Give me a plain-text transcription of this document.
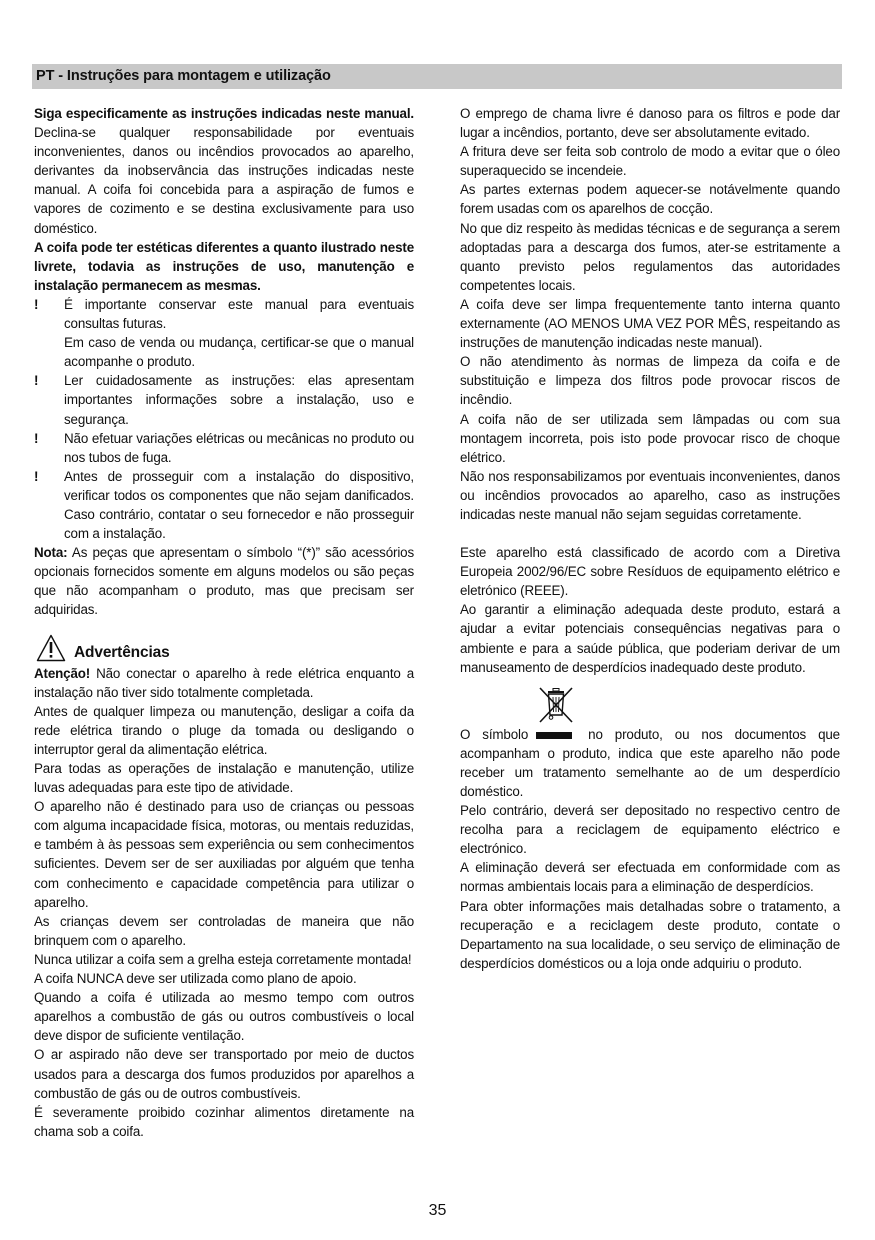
PT - Instruções para montagem e utilização

Siga especificamente as instruções indicadas neste manual. Declina-se qualquer responsabilidade por eventuais inconvenientes, danos ou incêndios provocados ao aparelho, derivantes da inobservância das instruções indicadas neste manual. A coifa foi concebida para a aspiração de fumos e vapores de cozimento e se destina exclusivamente para uso doméstico.

A coifa pode ter estéticas diferentes a quanto ilustrado neste livrete, todavia as instruções de uso, manutenção e instalação permanecem as mesmas.

! É importante conservar este manual para eventuais consultas futuras.

Em caso de venda ou mudança, certificar-se que o manual acompanhe o produto.

! Ler cuidadosamente as instruções: elas apresentam importantes informações sobre a instalação, uso e segurança.

! Não efetuar variações elétricas ou mecânicas no produto ou nos tubos de fuga.

! Antes de prosseguir com a instalação do dispositivo, verificar todos os componentes que não sejam danificados. Caso contrário, contatar o seu fornecedor e não prosseguir com a instalação.

Nota: As peças que apresentam o símbolo “(*)” são acessórios opcionais fornecidos somente em alguns modelos ou são peças que não acompanham o produto, mas que precisam ser adquiridas.

Advertências

Atenção! Não conectar o aparelho à rede elétrica enquanto a instalação não tiver sido totalmente completada.

Antes de qualquer limpeza ou manutenção, desligar a coifa da rede elétrica tirando o pluge da tomada ou desligando o interruptor geral da alimentação elétrica.

Para todas as operações de instalação e manutenção, utilize luvas adequadas para este tipo de atividade.

O aparelho não é destinado para uso de crianças ou pessoas com alguma incapacidade física, motoras, ou mentais reduzidas, e também à às pessoas sem experiência ou sem conhecimentos suficientes. Devem ser de ser auxiliadas por alguém que tenha com conhecimento e capacidade competência para utilizar o aparelho.

As crianças devem ser controladas de maneira que não brinquem com o aparelho.

Nunca utilizar a coifa sem a grelha esteja corretamente montada!

A coifa NUNCA deve ser utilizada como plano de apoio.

Quando a coifa é utilizada ao mesmo tempo com outros aparelhos a combustão de gás ou outros combustíveis o local deve dispor de suficiente ventilação.

O ar aspirado não deve ser transportado por meio de ductos usados para a descarga dos fumos produzidos por aparelhos a combustão de gás ou de outros combustíveis.

É severamente proibido cozinhar alimentos diretamente na chama sob a coifa.

O emprego de chama livre é danoso para os filtros e pode dar lugar a incêndios, portanto, deve ser absolutamente evitado.

A fritura deve ser feita sob controlo de modo a evitar que o óleo superaquecido se incendeie.

As partes externas podem aquecer-se notávelmente quando forem usadas com os aparelhos de cocção.

No que diz respeito às medidas técnicas e de segurança a serem adoptadas para a descarga dos fumos, ater-se estritamente a quanto previsto pelos regulamentos das autoridades competentes locais.

A coifa deve ser limpa frequentemente tanto interna quanto externamente (AO MENOS UMA VEZ POR MÊS, respeitando as instruções de manutenção indicadas neste manual).

O não atendimento às normas de limpeza da coifa e de substituição e limpeza dos filtros pode provocar riscos de incêndio.

A coifa não de ser utilizada sem lâmpadas ou com sua montagem incorreta, pois isto pode provocar risco de choque elétrico.

Não nos responsabilizamos por eventuais inconvenientes, danos ou incêndios provocados ao aparelho, caso as instruções indicadas neste manual não sejam seguidas corretamente.

Este aparelho está classificado de acordo com a Diretiva Europeia 2002/96/EC sobre Resíduos de equipamento elétrico e eletrónico (REEE).

Ao garantir a eliminação adequada deste produto, estará a ajudar a evitar potenciais consequências negativas para o ambiente e para a saúde pública, que poderiam derivar de um manuseamento de desperdícios inadequado deste produto.

O símbolo	no produto, ou nos documentos que acompanham o produto, indica que este aparelho não pode receber um tratamento semelhante ao de um desperdício doméstico.

Pelo contrário, deverá ser depositado no respectivo centro de recolha para a reciclagem de equipamento eléctrico e electrónico.

A eliminação deverá ser efectuada em conformidade com as normas ambientais locais para a eliminação de desperdícios.

Para obter informações mais detalhadas sobre o tratamento, a recuperação e a reciclagem deste produto, contate o Departamento na sua localidade, o seu serviço de eliminação de desperdícios domésticos ou a loja onde adquiriu o produto.

35
